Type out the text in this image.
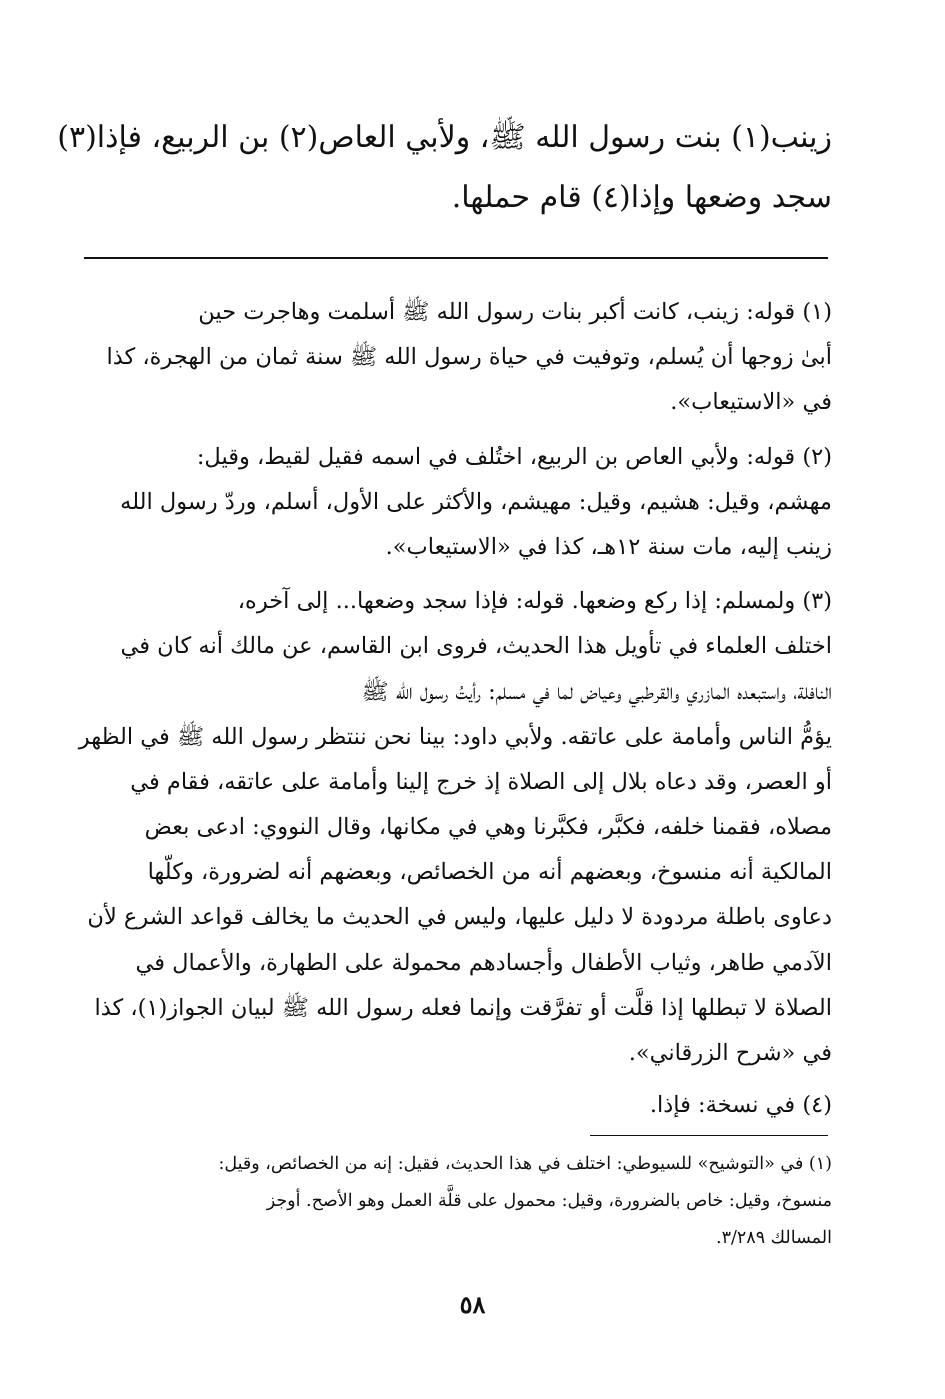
زينب(١) بنت رسول الله ﷺ، ولأبي العاص(٢) بن الربيع، فإذا(٣)
سجد وضعها وإذا(٤) قام حملها.
(١) قوله: زينب، كانت أكبر بنات رسول الله ﷺ أسلمت وهاجرت حين
أبىٰ زوجها أن يُسلم، وتوفيت في حياة رسول الله ﷺ سنة ثمان من الهجرة، كذا
في «الاستيعاب».
(٢) قوله: ولأبي العاص بن الربيع، اختُلف في اسمه فقيل لقيط، وقيل:
مهشم، وقيل: هشيم، وقيل: مهيشم، والأكثر على الأول، أسلم، وردّ رسول الله
زينب إليه، مات سنة ١٢هـ، كذا في «الاستيعاب».
(٣) ولمسلم: إذا ركع وضعها. قوله: فإذا سجد وضعها... إلى آخره،
اختلف العلماء في تأويل هذا الحديث، فروى ابن القاسم، عن مالك أنه كان في
النافلة، واستبعده المازري والقرطبي وعياض لما في مسلم: رأيتُ رسول الله ﷺ
يؤمُّ الناس وأمامة على عاتقه. ولأبي داود: بينا نحن ننتظر رسول الله ﷺ في الظهر
أو العصر، وقد دعاه بلال إلى الصلاة إذ خرج إلينا وأمامة على عاتقه، فقام في
مصلاه، فقمنا خلفه، فكبَّر، فكبَّرنا وهي في مكانها، وقال النووي: ادعى بعض
المالكية أنه منسوخ، وبعضهم أنه من الخصائص، وبعضهم أنه لضرورة، وكلّها
دعاوى باطلة مردودة لا دليل عليها، وليس في الحديث ما يخالف قواعد الشرع لأن
الآدمي طاهر، وثياب الأطفال وأجسادهم محمولة على الطهارة، والأعمال في
الصلاة لا تبطلها إذا قلَّت أو تفرَّقت وإنما فعله رسول الله ﷺ لبيان الجواز(١)، كذا
في «شرح الزرقاني».
(٤) في نسخة: فإذا.
(١) في «التوشيح» للسيوطي: اختلف في هذا الحديث، فقيل: إنه من الخصائص، وقيل:
منسوخ، وقيل: خاص بالضرورة، وقيل: محمول على قلَّة العمل وهو الأصح. أوجز
المسالك ٣/٢٨٩.
٥٨
